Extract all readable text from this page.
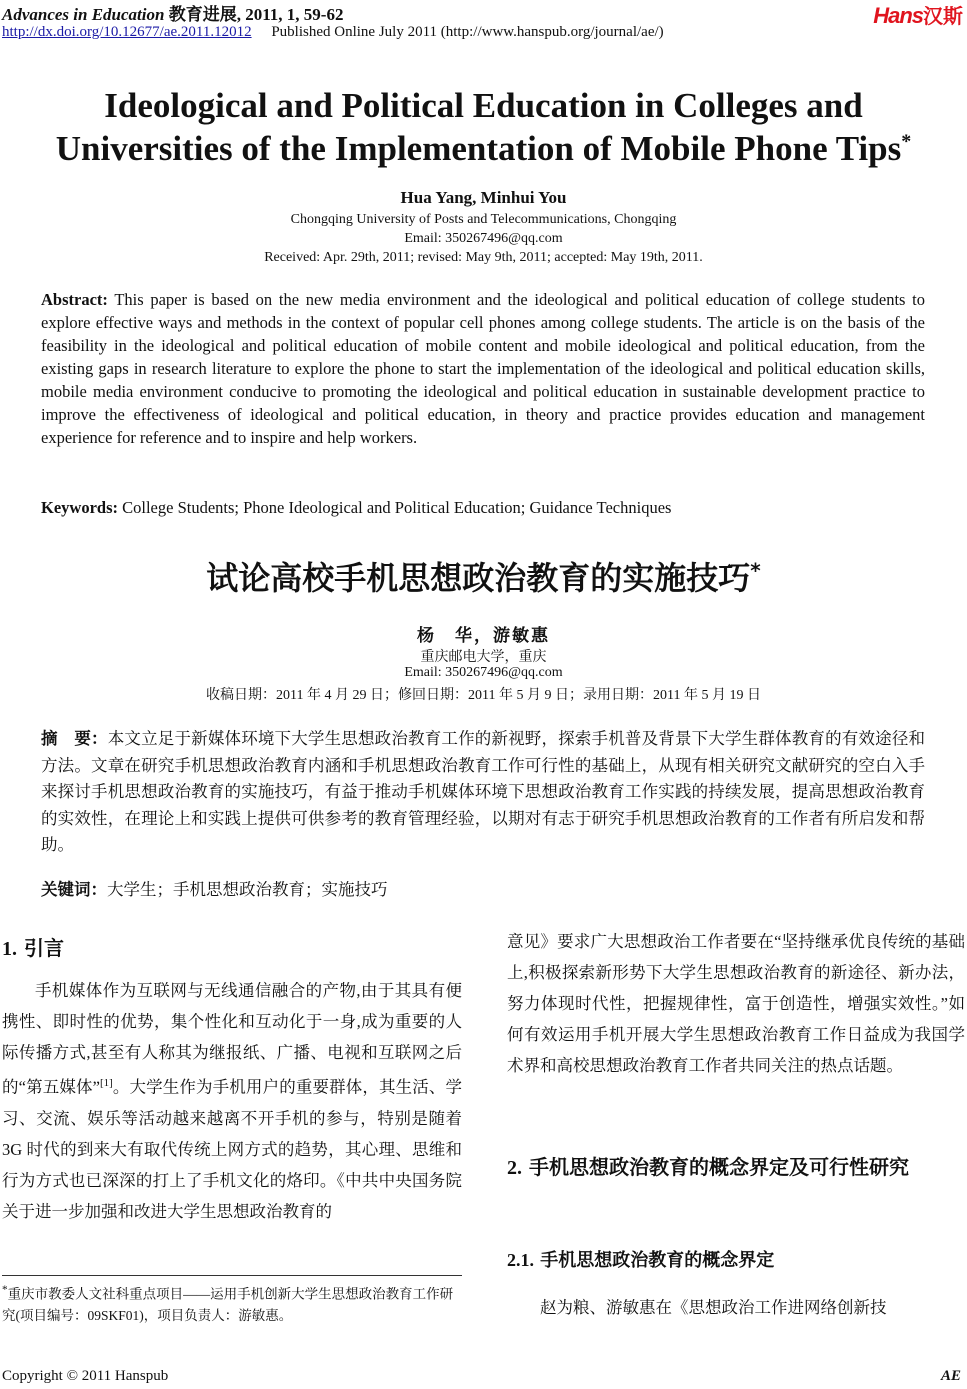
Advances in Education 教育进展, 2011, 1, 59-62
http://dx.doi.org/10.12677/ae.2011.12012 Published Online July 2011 (http://www.hanspub.org/journal/ae/)
Hans汉斯
Ideological and Political Education in Colleges and
Universities of the Implementation of Mobile Phone Tips*
Hua Yang, Minhui You
Chongqing University of Posts and Telecommunications, Chongqing
Email: 350267496@qq.com
Received: Apr. 29th, 2011; revised: May 9th, 2011; accepted: May 19th, 2011.
Abstract: This paper is based on the new media environment and the ideological and political education of college students to explore effective ways and methods in the context of popular cell phones among college students. The article is on the basis of the feasibility in the ideological and political education of mobile content and mobile ideological and political education, from the existing gaps in research literature to explore the phone to start the implementation of the ideological and political education skills, mobile media environment conducive to promoting the ideological and political education in sustainable development practice to improve the effectiveness of ideological and political education, in theory and practice provides education and management experience for reference and to inspire and help workers.
Keywords: College Students; Phone Ideological and Political Education; Guidance Techniques
试论高校手机思想政治教育的实施技巧*
杨　华，游敏惠
重庆邮电大学，重庆
Email: 350267496@qq.com
收稿日期：2011 年 4 月 29 日；修回日期：2011 年 5 月 9 日；录用日期：2011 年 5 月 19 日
摘　要：本文立足于新媒体环境下大学生思想政治教育工作的新视野，探索手机普及背景下大学生群体教育的有效途径和方法。文章在研究手机思想政治教育内涵和手机思想政治教育工作可行性的基础上，从现有相关研究文献研究的空白入手来探讨手机思想政治教育的实施技巧，有益于推动手机媒体环境下思想政治教育工作实践的持续发展，提高思想政治教育的实效性，在理论上和实践上提供可供参考的教育管理经验，以期对有志于研究手机思想政治教育的工作者有所启发和帮助。
关键词：大学生；手机思想政治教育；实施技巧
1. 引言

手机媒体作为互联网与无线通信融合的产物,由于其具有便携性、即时性的优势，集个性化和互动化于一身,成为重要的人际传播方式,甚至有人称其为继报纸、广播、电视和互联网之后的“第五媒体”[1]。大学生作为手机用户的重要群体，其生活、学习、交流、娱乐等活动越来越离不开手机的参与，特别是随着 3G 时代的到来大有取代传统上网方式的趋势，其心理、思维和行为方式也已深深的打上了手机文化的烙印。《中共中央国务院关于进一步加强和改进大学生思想政治教育的

*重庆市教委人文社科重点项目——运用手机创新大学生思想政治教育工作研究(项目编号：09SKF01)，项目负责人：游敏惠。

意见》要求广大思想政治工作者要在“坚持继承优良传统的基础上,积极探索新形势下大学生思想政治教育的新途径、新办法，努力体现时代性，把握规律性，富于创造性，增强实效性。”如何有效运用手机开展大学生思想政治教育工作日益成为我国学术界和高校思想政治教育工作者共同关注的热点话题。

2. 手机思想政治教育的概念界定及可行性研究
2.1. 手机思想政治教育的概念界定

赵为粮、游敏惠在《思想政治工作进网络创新技

Copyright © 2011 Hanspub	AE
